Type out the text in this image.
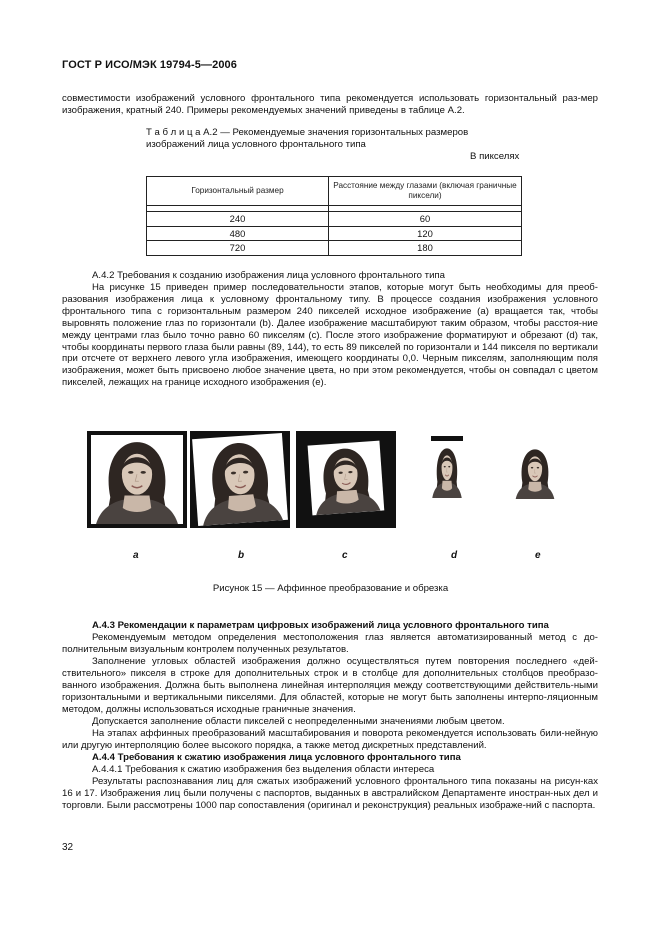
ГОСТ Р ИСО/МЭК 19794-5—2006
совместимости изображений условного фронтального типа рекомендуется использовать горизонтальный раз-мер изображения, кратный 240. Примеры рекомендуемых значений приведены в таблице А.2.
Т а б л и ц а А.2 — Рекомендуемые значения горизонтальных размеров изображений лица условного фронтального типа
В пикселях
Горизонтальный размер	Расстояние между глазами (включая граничные пиксели)

240	60
480	120
720	180
А.4.2 Требования к созданию изображения лица условного фронтального типа
На рисунке 15 приведен пример последовательности этапов, которые могут быть необходимы для преоб-разования изображения лица к условному фронтальному типу. В процессе создания изображения условного фронтального типа с горизонтальным размером 240 пикселей исходное изображение (а) вращается так, чтобы выровнять положение глаз по горизонтали (b). Далее изображение масштабируют таким образом, чтобы расстоя-ние между центрами глаз было точно равно 60 пикселям (с). После этого изображение форматируют и обрезают (d) так, чтобы координаты первого глаза были равны (89, 144), то есть 89 пикселей по горизонтали и 144 пикселя по вертикали при отсчете от верхнего левого угла изображения, имеющего координаты 0,0. Черным пикселям, заполняющим поля изображения, может быть присвоено любое значение цвета, но при этом рекомендуется, чтобы он совпадал с цветом пикселей, лежащих на границе исходного изображения (е).
a	b	c	d	e
Рисунок 15 — Аффинное преобразование и обрезка
А.4.3 Рекомендации к параметрам цифровых изображений лица условного фронтального типа
Рекомендуемым методом определения местоположения глаз является автоматизированный метод с до-полнительным визуальным контролем полученных результатов.
Заполнение угловых областей изображения должно осуществляться путем повторения последнего «дей-ствительного» пикселя в строке для дополнительных строк и в столбце для дополнительных столбцов преобразо-ванного изображения. Должна быть выполнена линейная интерполяция между соответствующими действитель-ными горизонтальными и вертикальными пикселями. Для областей, которые не могут быть заполнены интерпо-ляционным методом, должны использоваться исходные граничные значения.
Допускается заполнение области пикселей с неопределенными значениями любым цветом.
На этапах аффинных преобразований масштабирования и поворота рекомендуется использовать били-нейную или другую интерполяцию более высокого порядка, а также метод дискретных представлений.
А.4.4 Требования к сжатию изображения лица условного фронтального типа
А.4.4.1 Требования к сжатию изображения без выделения области интереса
Результаты распознавания лиц для сжатых изображений условного фронтального типа показаны на рисун-ках 16 и 17. Изображения лиц были получены с паспортов, выданных в австралийском Департаменте иностран-ных дел и торговли. Были рассмотрены 1000 пар сопоставления (оригинал и реконструкция) реальных изображе-ний с паспорта.
32
